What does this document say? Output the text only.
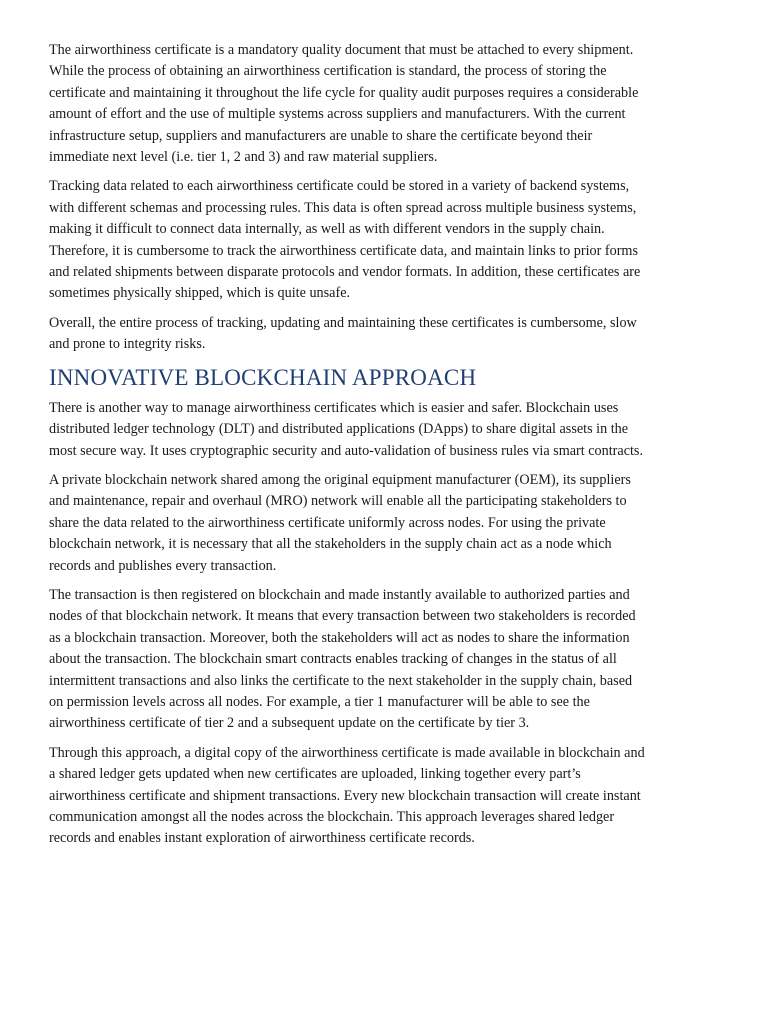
The airworthiness certificate is a mandatory quality document that must be attached to every shipment. While the process of obtaining an airworthiness certification is standard, the process of storing the certificate and maintaining it throughout the life cycle for quality audit purposes requires a considerable amount of effort and the use of multiple systems across suppliers and manufacturers. With the current infrastructure setup, suppliers and manufacturers are unable to share the certificate beyond their immediate next level (i.e. tier 1, 2 and 3) and raw material suppliers.

Tracking data related to each airworthiness certificate could be stored in a variety of backend systems, with different schemas and processing rules. This data is often spread across multiple business systems, making it difficult to connect data internally, as well as with different vendors in the supply chain. Therefore, it is cumbersome to track the airworthiness certificate data, and maintain links to prior forms and related shipments between disparate protocols and vendor formats. In addition, these certificates are sometimes physically shipped, which is quite unsafe.

Overall, the entire process of tracking, updating and maintaining these certificates is cumbersome, slow and prone to integrity risks.

INNOVATIVE BLOCKCHAIN APPROACH

There is another way to manage airworthiness certificates which is easier and safer. Blockchain uses distributed ledger technology (DLT) and distributed applications (DApps) to share digital assets in the most secure way. It uses cryptographic security and auto-validation of business rules via smart contracts.

A private blockchain network shared among the original equipment manufacturer (OEM), its suppliers and maintenance, repair and overhaul (MRO) network will enable all the participating stakeholders to share the data related to the airworthiness certificate uniformly across nodes. For using the private blockchain network, it is necessary that all the stakeholders in the supply chain act as a node which records and publishes every transaction.

The transaction is then registered on blockchain and made instantly available to authorized parties and nodes of that blockchain network. It means that every transaction between two stakeholders is recorded as a blockchain transaction. Moreover, both the stakeholders will act as nodes to share the information about the transaction. The blockchain smart contracts enables tracking of changes in the status of all intermittent transactions and also links the certificate to the next stakeholder in the supply chain, based on permission levels across all nodes. For example, a tier 1 manufacturer will be able to see the airworthiness certificate of tier 2 and a subsequent update on the certificate by tier 3.

Through this approach, a digital copy of the airworthiness certificate is made available in blockchain and a shared ledger gets updated when new certificates are uploaded, linking together every part’s airworthiness certificate and shipment transactions. Every new blockchain transaction will create instant communication amongst all the nodes across the blockchain. This approach leverages shared ledger records and enables instant exploration of airworthiness certificate records.
